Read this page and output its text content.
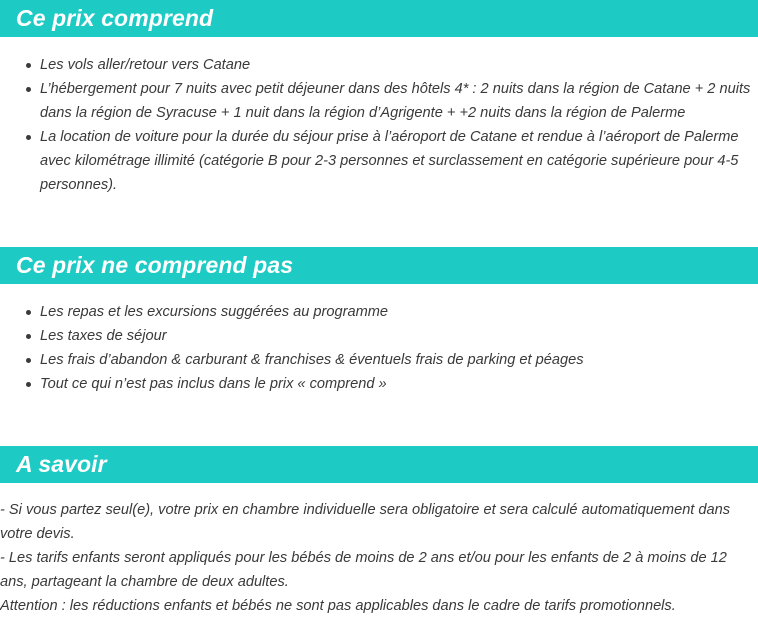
Ce prix comprend
Les vols aller/retour vers Catane
L’hébergement pour 7 nuits avec petit déjeuner dans des hôtels 4* : 2 nuits dans la région de Catane + 2 nuits dans la région de Syracuse + 1 nuit dans la région d’Agrigente + +2 nuits dans la région de Palerme
La location de voiture pour la durée du séjour prise à l’aéroport de Catane et rendue à l’aéroport de Palerme avec kilométrage illimité (catégorie B pour 2-3 personnes et surclassement en catégorie supérieure pour 4-5 personnes).
Ce prix ne comprend pas
Les repas et les excursions suggérées au programme
Les taxes de séjour
Les frais d’abandon & carburant & franchises & éventuels frais de parking et péages
Tout ce qui n’est pas inclus dans le prix « comprend »
A savoir

- Si vous partez seul(e), votre prix en chambre individuelle sera obligatoire et sera calculé automatiquement dans votre devis.

- Les tarifs enfants seront appliqués pour les bébés de moins de 2 ans et/ou pour les enfants de 2 à moins de 12 ans, partageant la chambre de deux adultes.

Attention : les réductions enfants et bébés ne sont pas applicables dans le cadre de tarifs promotionnels.
